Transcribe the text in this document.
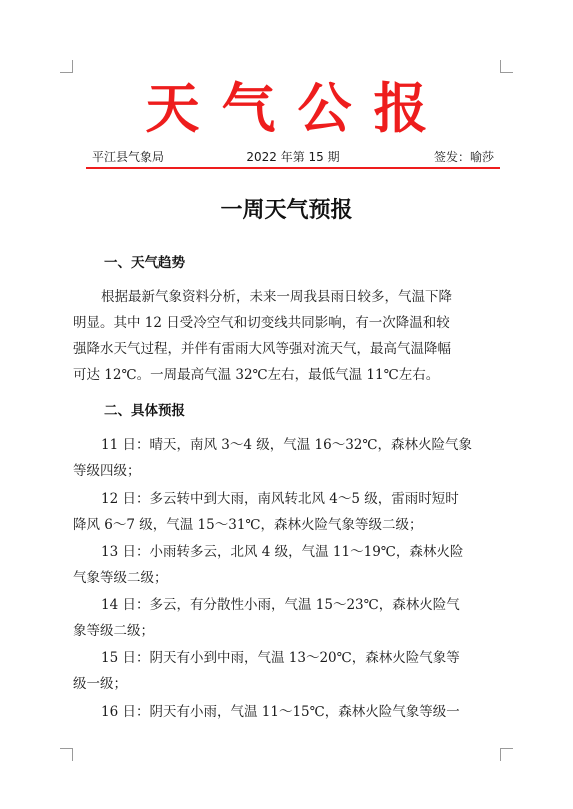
天气公报
平江县气象局	2022 年第 15 期	签发：喻莎
一周天气预报
一、天气趋势
根据最新气象资料分析，未来一周我县雨日较多，气温下降
明显。其中 12 日受冷空气和切变线共同影响，有一次降温和较
强降水天气过程，并伴有雷雨大风等强对流天气，最高气温降幅
可达 12℃。一周最高气温 32℃左右，最低气温 11℃左右。
二、具体预报
11 日：晴天，南风 3～4 级，气温 16～32℃，森林火险气象
等级四级；
12 日：多云转中到大雨，南风转北风 4～5 级，雷雨时短时
降风 6～7 级，气温 15～31℃，森林火险气象等级二级；
13 日：小雨转多云，北风 4 级，气温 11～19℃，森林火险
气象等级二级；
14 日：多云，有分散性小雨，气温 15～23℃，森林火险气
象等级二级；
15 日：阴天有小到中雨，气温 13～20℃，森林火险气象等
级一级；
16 日：阴天有小雨，气温 11～15℃，森林火险气象等级一
